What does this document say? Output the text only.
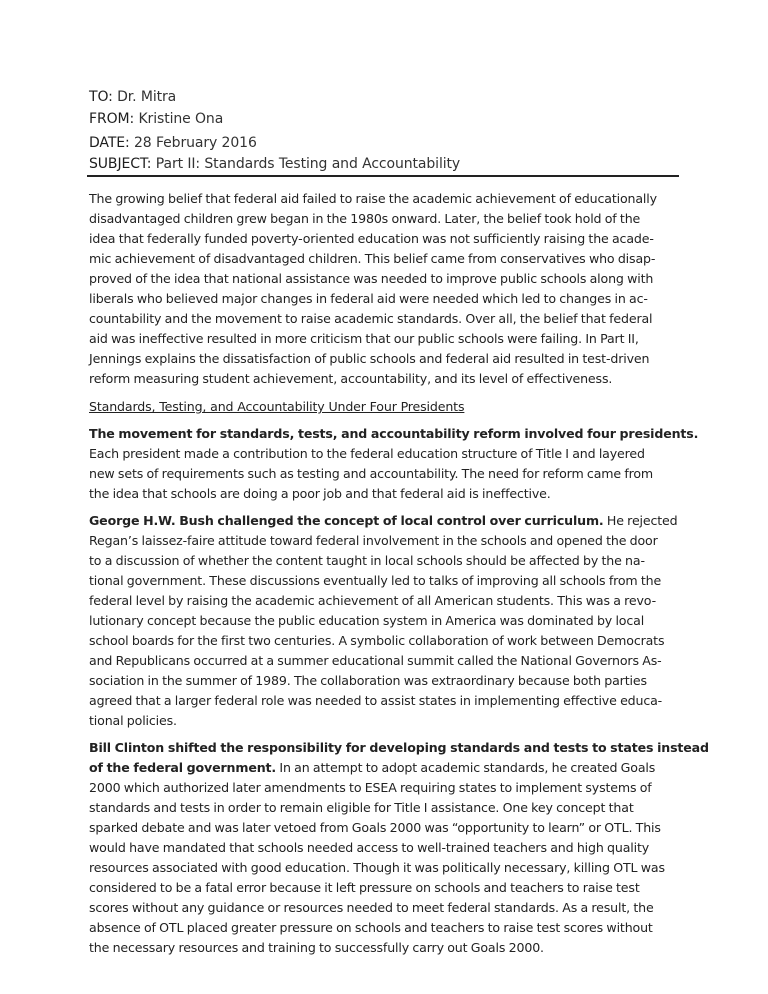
TO: Dr. Mitra
FROM: Kristine Ona
DATE: 28 February 2016
SUBJECT: Part II: Standards Testing and Accountability

The growing belief that federal aid failed to raise the academic achievement of educationally
disadvantaged children grew began in the 1980s onward. Later, the belief took hold of the
idea that federally funded poverty-oriented education was not sufficiently raising the acade-
mic achievement of disadvantaged children. This belief came from conservatives who disap-
proved of the idea that national assistance was needed to improve public schools along with
liberals who believed major changes in federal aid were needed which led to changes in ac-
countability and the movement to raise academic standards. Over all, the belief that federal
aid was ineffective resulted in more criticism that our public schools were failing. In Part II,
Jennings explains the dissatisfaction of public schools and federal aid resulted in test-driven
reform measuring student achievement, accountability, and its level of effectiveness.

Standards, Testing, and Accountability Under Four Presidents

The movement for standards, tests, and accountability reform involved four presidents.
Each president made a contribution to the federal education structure of Title I and layered
new sets of requirements such as testing and accountability. The need for reform came from
the idea that schools are doing a poor job and that federal aid is ineffective.

George H.W. Bush challenged the concept of local control over curriculum. He rejected
Regan’s laissez-faire attitude toward federal involvement in the schools and opened the door
to a discussion of whether the content taught in local schools should be affected by the na-
tional government. These discussions eventually led to talks of improving all schools from the
federal level by raising the academic achievement of all American students. This was a revo-
lutionary concept because the public education system in America was dominated by local
school boards for the first two centuries. A symbolic collaboration of work between Democrats
and Republicans occurred at a summer educational summit called the National Governors As-
sociation in the summer of 1989. The collaboration was extraordinary because both parties
agreed that a larger federal role was needed to assist states in implementing effective educa-
tional policies.

Bill Clinton shifted the responsibility for developing standards and tests to states instead
of the federal government. In an attempt to adopt academic standards, he created Goals
2000 which authorized later amendments to ESEA requiring states to implement systems of
standards and tests in order to remain eligible for Title I assistance. One key concept that
sparked debate and was later vetoed from Goals 2000 was “opportunity to learn” or OTL. This
would have mandated that schools needed access to well-trained teachers and high quality
resources associated with good education. Though it was politically necessary, killing OTL was
considered to be a fatal error because it left pressure on schools and teachers to raise test
scores without any guidance or resources needed to meet federal standards. As a result, the
absence of OTL placed greater pressure on schools and teachers to raise test scores without
the necessary resources and training to successfully carry out Goals 2000.
